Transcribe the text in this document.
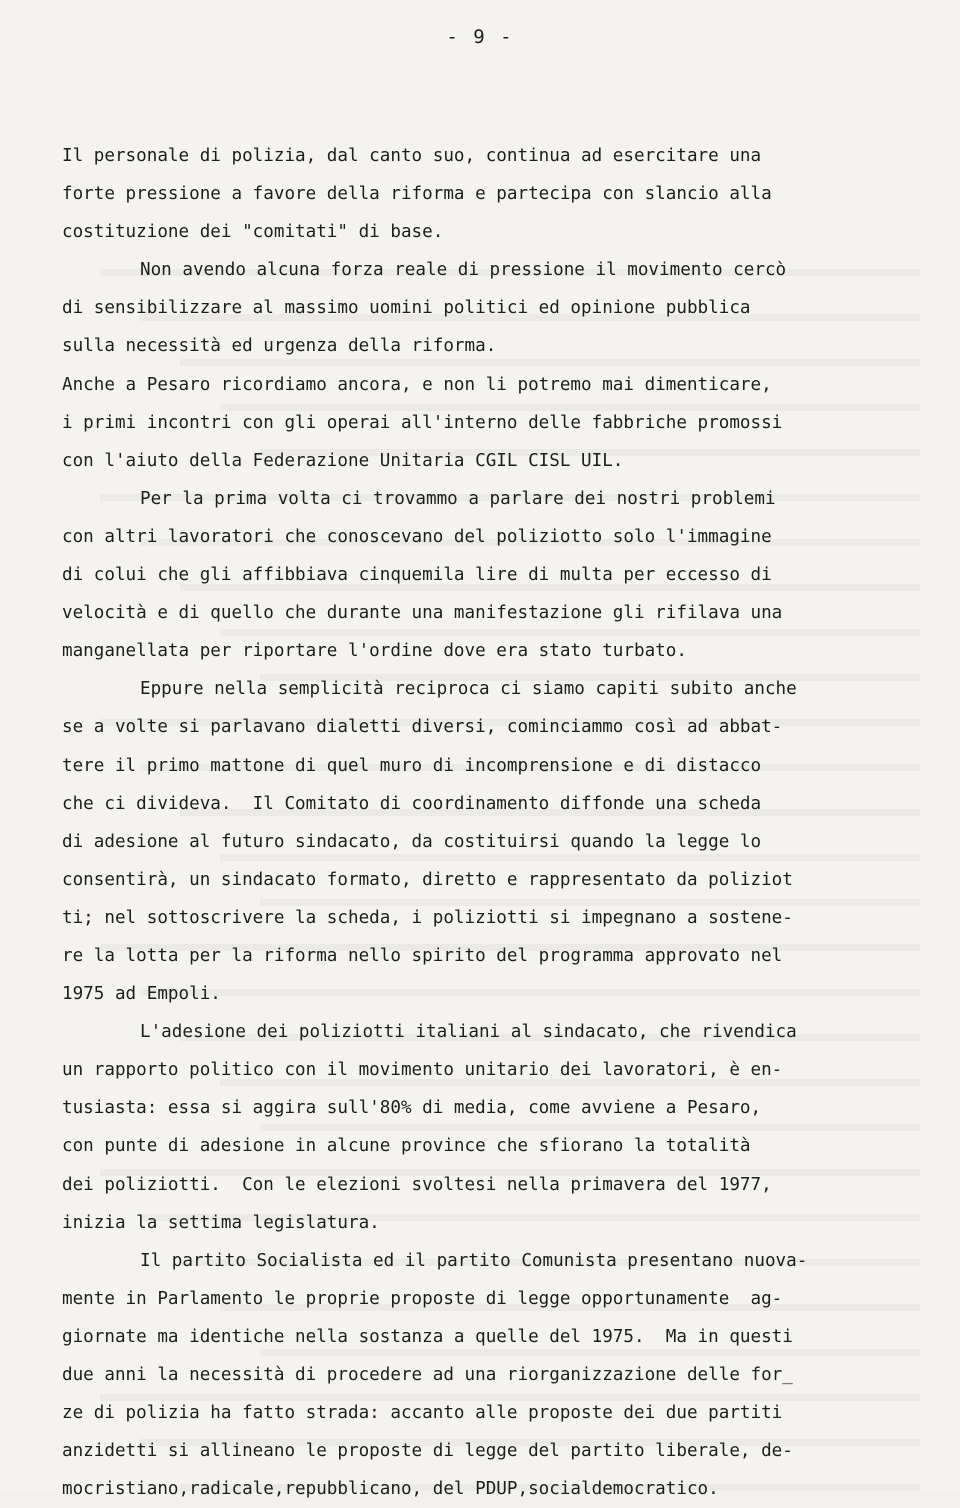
- 9 -
Il personale di polizia, dal canto suo, continua ad esercitare una
forte pressione a favore della riforma e partecipa con slancio alla
costituzione dei "comitati" di base.
Non avendo alcuna forza reale di pressione il movimento cercò
di sensibilizzare al massimo uomini politici ed opinione pubblica
sulla necessità ed urgenza della riforma.
Anche a Pesaro ricordiamo ancora, e non li potremo mai dimenticare,
i primi incontri con gli operai all'interno delle fabbriche promossi
con l'aiuto della Federazione Unitaria CGIL CISL UIL.
Per la prima volta ci trovammo a parlare dei nostri problemi
con altri lavoratori che conoscevano del poliziotto solo l'immagine
di colui che gli affibbiava cinquemila lire di multa per eccesso di
velocità e di quello che durante una manifestazione gli rifilava una
manganellata per riportare l'ordine dove era stato turbato.
Eppure nella semplicità reciproca ci siamo capiti subito anche
se a volte si parlavano dialetti diversi, cominciammo così ad abbat-
tere il primo mattone di quel muro di incomprensione e di distacco
che ci divideva.  Il Comitato di coordinamento diffonde una scheda
di adesione al futuro sindacato, da costituirsi quando la legge lo
consentirà, un sindacato formato, diretto e rappresentato da poliziot
ti; nel sottoscrivere la scheda, i poliziotti si impegnano a sostene-
re la lotta per la riforma nello spirito del programma approvato nel
1975 ad Empoli.
L'adesione dei poliziotti italiani al sindacato, che rivendica
un rapporto politico con il movimento unitario dei lavoratori, è en-
tusiasta: essa si aggira sull'80% di media, come avviene a Pesaro,
con punte di adesione in alcune province che sfiorano la totalità
dei poliziotti.  Con le elezioni svoltesi nella primavera del 1977,
inizia la settima legislatura.
Il partito Socialista ed il partito Comunista presentano nuova-
mente in Parlamento le proprie proposte di legge opportunamente  ag-
giornate ma identiche nella sostanza a quelle del 1975.  Ma in questi
due anni la necessità di procedere ad una riorganizzazione delle for_
ze di polizia ha fatto strada: accanto alle proposte dei due partiti
anzidetti si allineano le proposte di legge del partito liberale, de-
mocristiano,radicale,repubblicano, del PDUP,socialdemocratico.
